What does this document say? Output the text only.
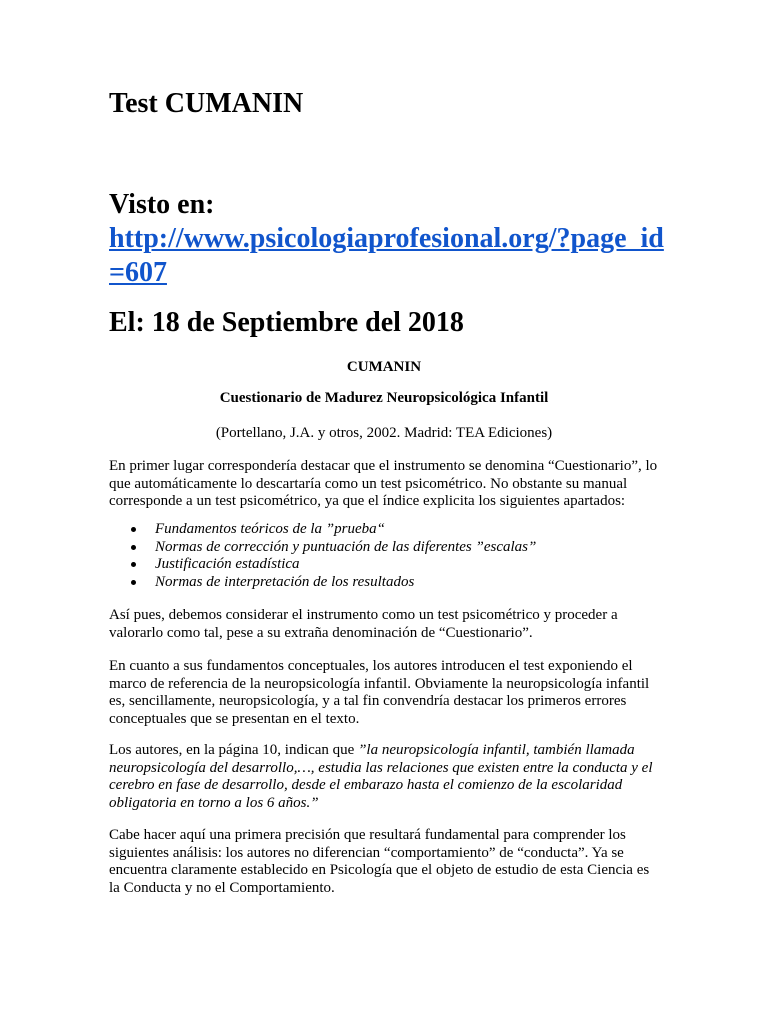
Test CUMANIN
Visto en:
http://www.psicologiaprofesional.org/?page_id=607
El: 18 de Septiembre del 2018
CUMANIN
Cuestionario de Madurez Neuropsicológica Infantil
(Portellano, J.A. y otros, 2002. Madrid: TEA Ediciones)
En primer lugar correspondería destacar que el instrumento se denomina “Cuestionario”, lo que automáticamente lo descartaría como un test psicométrico. No obstante su manual corresponde a un test psicométrico, ya que el índice explicita los siguientes apartados:
Fundamentos teóricos de la ”prueba“
Normas de corrección y puntuación de las diferentes ”escalas”
Justificación estadística
Normas de interpretación de los resultados
Así pues, debemos considerar el instrumento como un test psicométrico y proceder a valorarlo como tal, pese a su extraña denominación de “Cuestionario”.
En cuanto a sus fundamentos conceptuales, los autores introducen el test exponiendo el marco de referencia de la neuropsicología infantil. Obviamente la neuropsicología infantil es, sencillamente, neuropsicología, y a tal fin convendría destacar los primeros errores conceptuales que se presentan en el texto.
Los autores, en la página 10, indican que ”la neuropsicología infantil, también llamada neuropsicología del desarrollo,…, estudia las relaciones que existen entre la conducta y el cerebro en fase de desarrollo, desde el embarazo hasta el comienzo de la escolaridad obligatoria en torno a los 6 años.”
Cabe hacer aquí una primera precisión que resultará fundamental para comprender los siguientes análisis: los autores no diferencian “comportamiento” de “conducta”. Ya se encuentra claramente establecido en Psicología que el objeto de estudio de esta Ciencia es la Conducta y no el Comportamiento.
